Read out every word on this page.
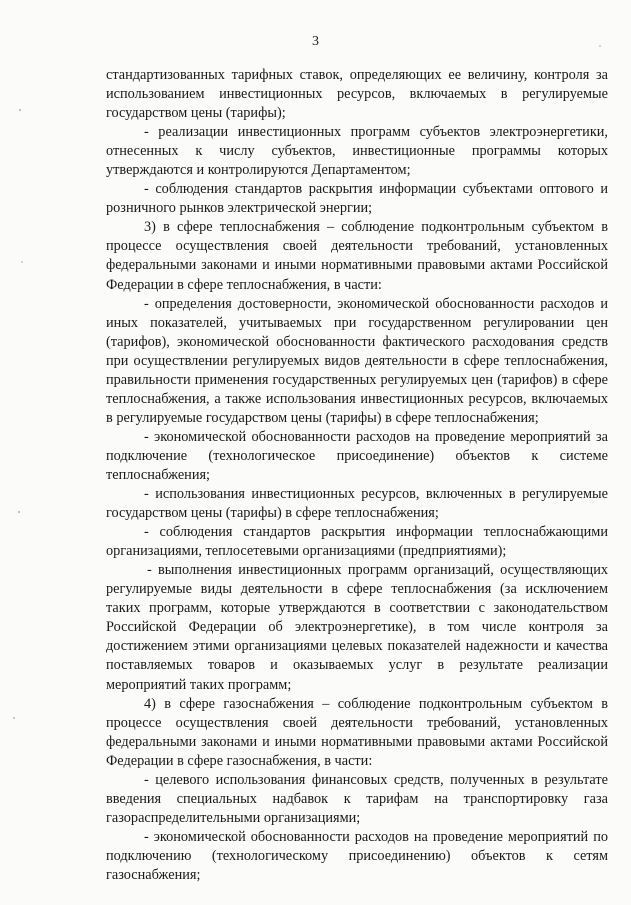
3

стандартизованных тарифных ставок, определяющих ее величину, контроля за использованием инвестиционных ресурсов, включаемых в регулируемые государством цены (тарифы);

- реализации инвестиционных программ субъектов электроэнергетики, отнесенных к числу субъектов, инвестиционные программы которых утверждаются и контролируются Департаментом;

- соблюдения стандартов раскрытия информации субъектами оптового и розничного рынков электрической энергии;

3) в сфере теплоснабжения – соблюдение подконтрольным субъектом в процессе осуществления своей деятельности требований, установленных федеральными законами и иными нормативными правовыми актами Российской Федерации в сфере теплоснабжения, в части:

- определения достоверности, экономической обоснованности расходов и иных показателей, учитываемых при государственном регулировании цен (тарифов), экономической обоснованности фактического расходования средств при осуществлении регулируемых видов деятельности в сфере теплоснабжения, правильности применения государственных регулируемых цен (тарифов) в сфере теплоснабжения, а также использования инвестиционных ресурсов, включаемых в регулируемые государством цены (тарифы) в сфере теплоснабжения;

- экономической обоснованности расходов на проведение мероприятий за подключение (технологическое присоединение) объектов к системе теплоснабжения;

- использования инвестиционных ресурсов, включенных в регулируемые государством цены (тарифы) в сфере теплоснабжения;

- соблюдения стандартов раскрытия информации теплоснабжающими организациями, теплосетевыми организациями (предприятиями);

- выполнения инвестиционных программ организаций, осуществляющих регулируемые виды деятельности в сфере теплоснабжения (за исключением таких программ, которые утверждаются в соответствии с законодательством Российской Федерации об электроэнергетике), в том числе контроля за достижением этими организациями целевых показателей надежности и качества поставляемых товаров и оказываемых услуг в результате реализации мероприятий таких программ;

4) в сфере газоснабжения – соблюдение подконтрольным субъектом в процессе осуществления своей деятельности требований, установленных федеральными законами и иными нормативными правовыми актами Российской Федерации в сфере газоснабжения, в части:

- целевого использования финансовых средств, полученных в результате введения специальных надбавок к тарифам на транспортировку газа газораспределительными организациями;

- экономической обоснованности расходов на проведение мероприятий по подключению (технологическому присоединению) объектов к сетям газоснабжения;
